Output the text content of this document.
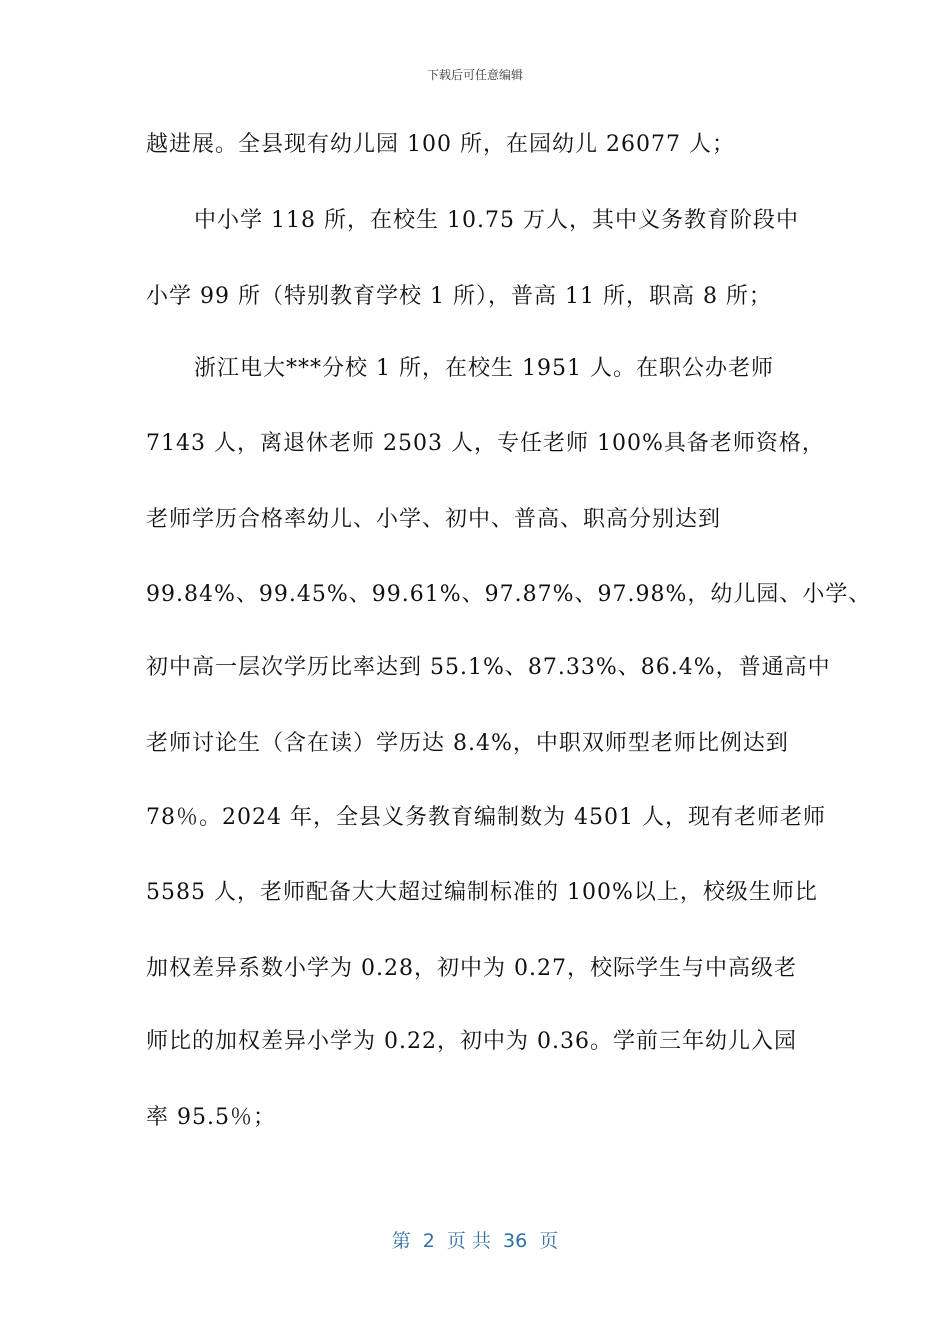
下载后可任意编辑
越进展。全县现有幼儿园 100 所，在园幼儿 26077 人；
中小学 118 所，在校生 10.75 万人，其中义务教育阶段中
小学 99 所（特别教育学校 1 所），普高 11 所，职高 8 所；
浙江电大***分校 1 所，在校生 1951 人。在职公办老师
7143 人，离退休老师 2503 人，专任老师 100%具备老师资格，
老师学历合格率幼儿、小学、初中、普高、职高分别达到
99.84%、99.45%、99.61%、97.87%、97.98%，幼儿园、小学、
初中高一层次学历比率达到 55.1%、87.33%、86.4%，普通高中
老师讨论生（含在读）学历达 8.4%，中职双师型老师比例达到
78％。2024 年，全县义务教育编制数为 4501 人，现有老师老师
5585 人，老师配备大大超过编制标准的 100%以上，校级生师比
加权差异系数小学为 0.28，初中为 0.27，校际学生与中高级老
师比的加权差异小学为 0.22，初中为 0.36。学前三年幼儿入园
率 95.5％；
第  2  页 共  36  页
